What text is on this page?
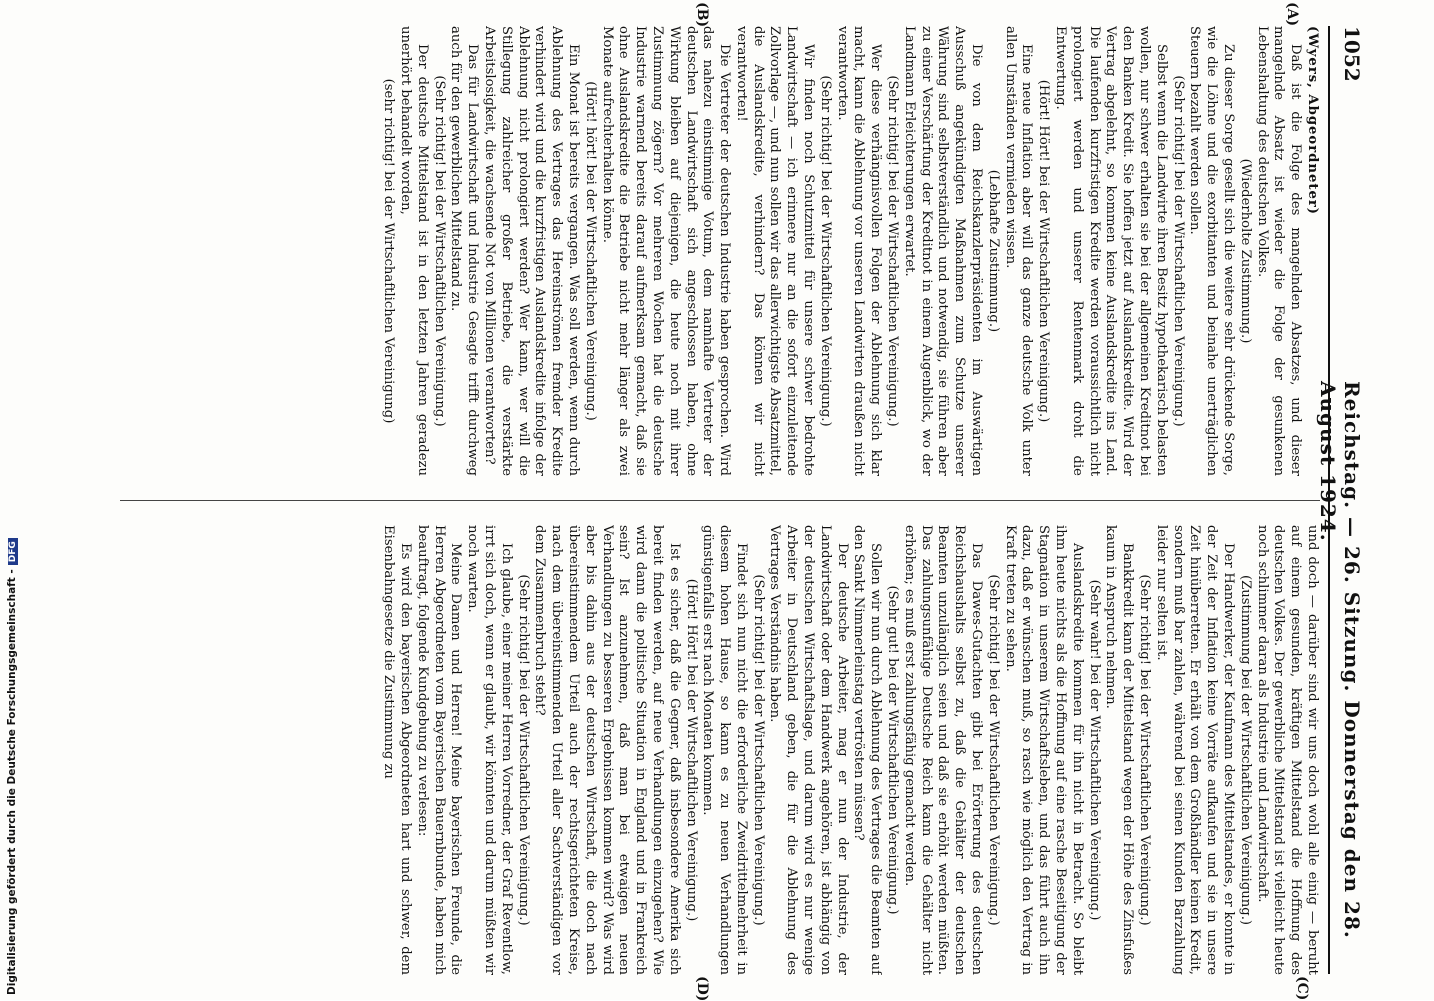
1052
Reichstag. — 26. Sitzung. Donnerstag den 28. August 1924.
(A)
(B)
(C)
(D)

(Wyers, Abgeordneter)

Daß ist die Folge des mangelnden Absatzes, und dieser mangelnde Absatz ist wieder die Folge der gesunkenen Lebenshaltung des deutschen Volkes.

(Wiederholte Zustimmung.)

Zu dieser Sorge gesellt sich die weitere sehr drückende Sorge, wie die Löhne und die exorbitanten und beinahe unerträglichen Steuern bezahlt werden sollen.

(Sehr richtig! bei der Wirtschaftlichen Vereinigung.)

Selbst wenn die Landwirte ihren Besitz hypothekarisch belasten wollen, nur schwer erhalten sie bei der allgemeinen Kreditnot bei den Banken Kredit. Sie hoffen jetzt auf Auslandskredite. Wird der Vertrag abgelehnt, so kommen keine Auslandskredite ins Land. Die laufenden kurzfristigen Kredite werden voraussichtlich nicht prolongiert werden und unserer Rentenmark droht die Entwertung.

(Hört! Hört! bei der Wirtschaftlichen Vereinigung.)

Eine neue Inflation aber will das ganze deutsche Volk unter allen Umständen vermieden wissen.

(Lebhafte Zustimmung.)

Die von dem Reichskanzlerpräsidenten im Auswärtigen Ausschuß angekündigten Maßnahmen zum Schutze unserer Währung sind selbstverständlich und notwendig, sie führen aber zu einer Verschärfung der Kreditnot in einem Augenblick, wo der Landmann Erleichterungen erwartet.

(Sehr richtig! bei der Wirtschaftlichen Vereinigung.)

Wer diese verhängnisvollen Folgen der Ablehnung sich klar macht, kann die Ablehnung vor unseren Landwirten draußen nicht verantworten.

(Sehr richtig! bei der Wirtschaftlichen Vereinigung.)

Wir finden noch Schutzmittel für unsere schwer bedrohte Landwirtschaft — ich erinnere nur an die sofort einzuleitende Zollvorlage —, und nun sollen wir das allerwichtigste Absatzmittel, die Auslandskredite, verhindern? Das können wir nicht verantworten!

Die Vertreter der deutschen Industrie haben gesprochen. Wird das nahezu einstimmige Votum, dem namhafte Vertreter der deutschen Landwirtschaft sich angeschlossen haben, ohne Wirkung bleiben auf diejenigen, die heute noch mit ihrer Zustimmung zögern? Vor mehreren Wochen hat die deutsche Industrie warnend bereits darauf aufmerksam gemacht, daß sie ohne Auslandskredite die Betriebe nicht mehr länger als zwei Monate aufrechterhalten könne.

(Hört! hört! bei der Wirtschaftlichen Vereinigung.)

Ein Monat ist bereits vergangen. Was soll werden, wenn durch Ablehnung des Vertrages das Hereinströmen fremder Kredite verhindert wird und die kurzfristigen Auslandskredite infolge der Ablehnung nicht prolongiert werden? Wer kann, wer will die Stillegung zahlreicher großer Betriebe, die verstärkte Arbeitslosigkeit, die wachsende Not von Millionen verantworten?

Das für Landwirtschaft und Industrie Gesagte trifft durchweg auch für den gewerblichen Mittelstand zu.

(Sehr richtig! bei der Wirtschaftlichen Vereinigung.)

Der deutsche Mittelstand ist in den letzten Jahren geradezu unerhört behandelt worden,

(sehr richtig! bei der Wirtschaftlichen Vereinigung)

und doch — darüber sind wir uns doch wohl alle einig — beruht auf einem gesunden, kräftigen Mittelstand die Hoffnung des deutschen Volkes. Der gewerbliche Mittelstand ist vielleicht heute noch schlimmer daran als Industrie und Landwirtschaft.

(Zustimmung bei der Wirtschaftlichen Vereinigung.)

Der Handwerker, der Kaufmann des Mittelstandes, er konnte in der Zeit der Inflation keine Vorräte aufkaufen und sie in unsere Zeit hinüberretten. Er erhält von dem Großhändler keinen Kredit, sondern muß bar zahlen, während bei seinen Kunden Barzahlung leider nur selten ist.

(Sehr richtig! bei der Wirtschaftlichen Vereinigung.)

Bankkredit kann der Mittelstand wegen der Höhe des Zinsfußes kaum in Anspruch nehmen.

(Sehr wahr! bei der Wirtschaftlichen Vereinigung.)

Auslandskredite kommen für ihn nicht in Betracht. So bleibt ihm heute nichts als die Hoffnung auf eine rasche Beseitigung der Stagnation in unserem Wirtschaftsleben, und das führt auch ihn dazu, daß er wünschen muß, so rasch wie möglich den Vertrag in Kraft treten zu sehen.

(Sehr richtig! bei der Wirtschaftlichen Vereinigung.)

Das Dawes-Gutachten gibt bei Erörterung des deutschen Reichshaushalts selbst zu, daß die Gehälter der deutschen Beamten unzulänglich seien und daß sie erhöht werden müßten. Das zahlungsunfähige Deutsche Reich kann die Gehälter nicht erhöhen; es muß erst zahlungsfähig gemacht werden.

(Sehr gut! bei der Wirtschaftlichen Vereinigung.)

Sollen wir nun durch Ablehnung des Vertrages die Beamten auf den Sankt Nimmerleinstag vertrösten müssen?

Der deutsche Arbeiter, mag er nun der Industrie, der Landwirtschaft oder dem Handwerk angehören, ist abhängig von der deutschen Wirtschaftslage, und darum wird es nur wenige Arbeiter in Deutschland geben, die für die Ablehnung des Vertrages Verständnis haben.

(Sehr richtig! bei der Wirtschaftlichen Vereinigung.)

Findet sich nun nicht die erforderliche Zweidrittelmehrheit in diesem hohen Hause, so kann es zu neuen Verhandlungen günstigenfalls erst nach Monaten kommen.

(Hört! Hört! bei der Wirtschaftlichen Vereinigung.)

Ist es sicher, daß die Gegner, daß insbesondere Amerika sich bereit finden werden, auf neue Verhandlungen einzugehen? Wie wird dann die politische Situation in England und in Frankreich sein? Ist anzunehmen, daß man bei etwaigen neuen Verhandlungen zu besseren Ergebnissen kommen wird? Was wird aber bis dahin aus der deutschen Wirtschaft, die doch nach übereinstimmendem Urteil auch der rechtsgerichteten Kreise, nach dem übereinstimmenden Urteil aller Sachverständigen vor dem Zusammenbruch steht?

(Sehr richtig! bei der Wirtschaftlichen Vereinigung.)

Ich glaube, einer meiner Herren Vorredner, der Graf Reventlow, irrt sich doch, wenn er glaubt, wir könnten und darum müßten wir noch warten.

Meine Damen und Herren! Meine bayerischen Freunde, die Herren Abgeordneten vom Bayerischen Bauernbunde, haben mich beauftragt, folgende Kundgebung zu verlesen:

Es wird den bayerischen Abgeordneten hart und schwer, dem Eisenbahngesetze die Zustimmung zu

Digitalisierung gefördert durch die Deutsche Forschungsgemeinschaft -DFG
